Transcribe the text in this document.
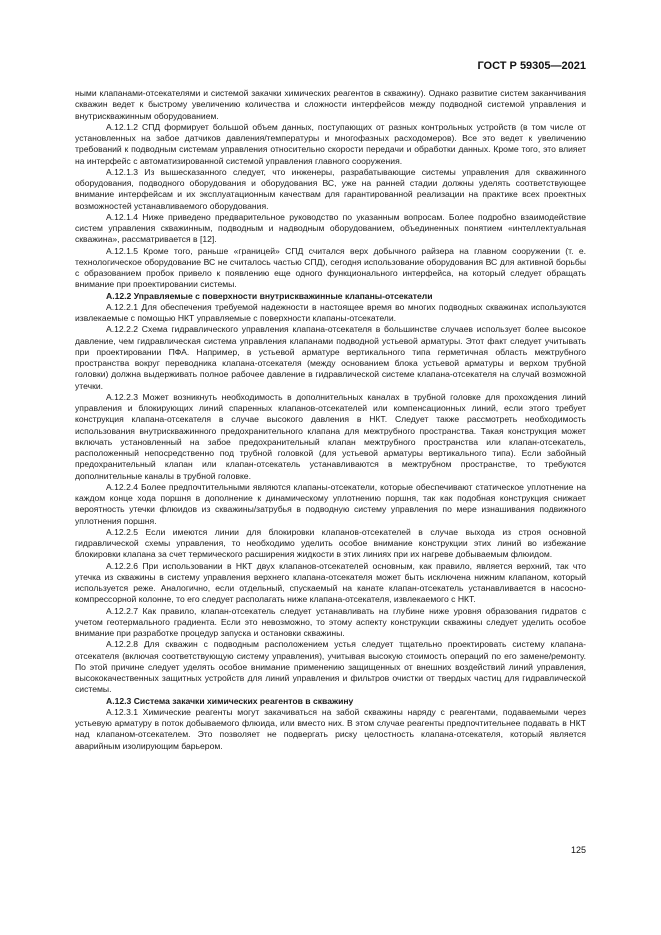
ГОСТ Р 59305—2021

ными клапанами-отсекателями и системой закачки химических реагентов в скважину). Однако развитие систем заканчивания скважин ведет к быстрому увеличению количества и сложности интерфейсов между подводной системой управления и внутрискважинным оборудованием.

А.12.1.2 СПД формирует большой объем данных, поступающих от разных контрольных устройств (в том числе от установленных на забое датчиков давления/температуры и многофазных расходомеров). Все это ведет к увеличению требований к подводным системам управления относительно скорости передачи и обработки данных. Кроме того, это влияет на интерфейс с автоматизированной системой управления главного сооружения.

А.12.1.3 Из вышесказанного следует, что инженеры, разрабатывающие системы управления для скважинного оборудования, подводного оборудования и оборудования ВС, уже на ранней стадии должны уделять соответствующее внимание интерфейсам и их эксплуатационным качествам для гарантированной реализации на практике всех проектных возможностей устанавливаемого оборудования.

А.12.1.4 Ниже приведено предварительное руководство по указанным вопросам. Более подробно взаимодействие систем управления скважинным, подводным и надводным оборудованием, объединенных понятием «интеллектуальная скважина», рассматривается в [12].

А.12.1.5 Кроме того, раньше «границей» СПД считался верх добычного райзера на главном сооружении (т. е. технологическое оборудование ВС не считалось частью СПД), сегодня использование оборудования ВС для активной борьбы с образованием пробок привело к появлению еще одного функционального интерфейса, на который следует обращать внимание при проектировании системы.

А.12.2 Управляемые с поверхности внутрискважинные клапаны-отсекатели

А.12.2.1 Для обеспечения требуемой надежности в настоящее время во многих подводных скважинах используются извлекаемые с помощью НКТ управляемые с поверхности клапаны-отсекатели.

А.12.2.2 Схема гидравлического управления клапана-отсекателя в большинстве случаев использует более высокое давление, чем гидравлическая система управления клапанами подводной устьевой арматуры. Этот факт следует учитывать при проектировании ПФА. Например, в устьевой арматуре вертикального типа герметичная область межтрубного пространства вокруг переводника клапана-отсекателя (между основанием блока устьевой арматуры и верхом трубной головки) должна выдерживать полное рабочее давление в гидравлической системе клапана-отсекателя на случай возможной утечки.

А.12.2.3 Может возникнуть необходимость в дополнительных каналах в трубной головке для прохождения линий управления и блокирующих линий спаренных клапанов-отсекателей или компенсационных линий, если этого требует конструкция клапана-отсекателя в случае высокого давления в НКТ. Следует также рассмотреть необходимость использования внутрискважинного предохранительного клапана для межтрубного пространства. Такая конструкция может включать установленный на забое предохранительный клапан межтрубного пространства или клапан-отсекатель, расположенный непосредственно под трубной головкой (для устьевой арматуры вертикального типа). Если забойный предохранительный клапан или клапан-отсекатель устанавливаются в межтрубном пространстве, то требуются дополнительные каналы в трубной головке.

А.12.2.4 Более предпочтительными являются клапаны-отсекатели, которые обеспечивают статическое уплотнение на каждом конце хода поршня в дополнение к динамическому уплотнению поршня, так как подобная конструкция снижает вероятность утечки флюидов из скважины/затрубья в подводную систему управления по мере изнашивания подвижного уплотнения поршня.

А.12.2.5 Если имеются линии для блокировки клапанов-отсекателей в случае выхода из строя основной гидравлической схемы управления, то необходимо уделить особое внимание конструкции этих линий во избежание блокировки клапана за счет термического расширения жидкости в этих линиях при их нагреве добываемым флюидом.

А.12.2.6 При использовании в НКТ двух клапанов-отсекателей основным, как правило, является верхний, так что утечка из скважины в систему управления верхнего клапана-отсекателя может быть исключена нижним клапаном, который используется реже. Аналогично, если отдельный, спускаемый на канате клапан-отсекатель устанавливается в насосно-компрессорной колонне, то его следует располагать ниже клапана-отсекателя, извлекаемого с НКТ.

А.12.2.7 Как правило, клапан-отсекатель следует устанавливать на глубине ниже уровня образования гидратов с учетом геотермального градиента. Если это невозможно, то этому аспекту конструкции скважины следует уделить особое внимание при разработке процедур запуска и остановки скважины.

А.12.2.8 Для скважин с подводным расположением устья следует тщательно проектировать систему клапана-отсекателя (включая соответствующую систему управления), учитывая высокую стоимость операций по его замене/ремонту. По этой причине следует уделять особое внимание применению защищенных от внешних воздействий линий управления, высококачественных защитных устройств для линий управления и фильтров очистки от твердых частиц для гидравлической системы.

А.12.3 Система закачки химических реагентов в скважину

А.12.3.1 Химические реагенты могут закачиваться на забой скважины наряду с реагентами, подаваемыми через устьевую арматуру в поток добываемого флюида, или вместо них. В этом случае реагенты предпочтительнее подавать в НКТ над клапаном-отсекателем. Это позволяет не подвергать риску целостность клапана-отсекателя, который является аварийным изолирующим барьером.

125
